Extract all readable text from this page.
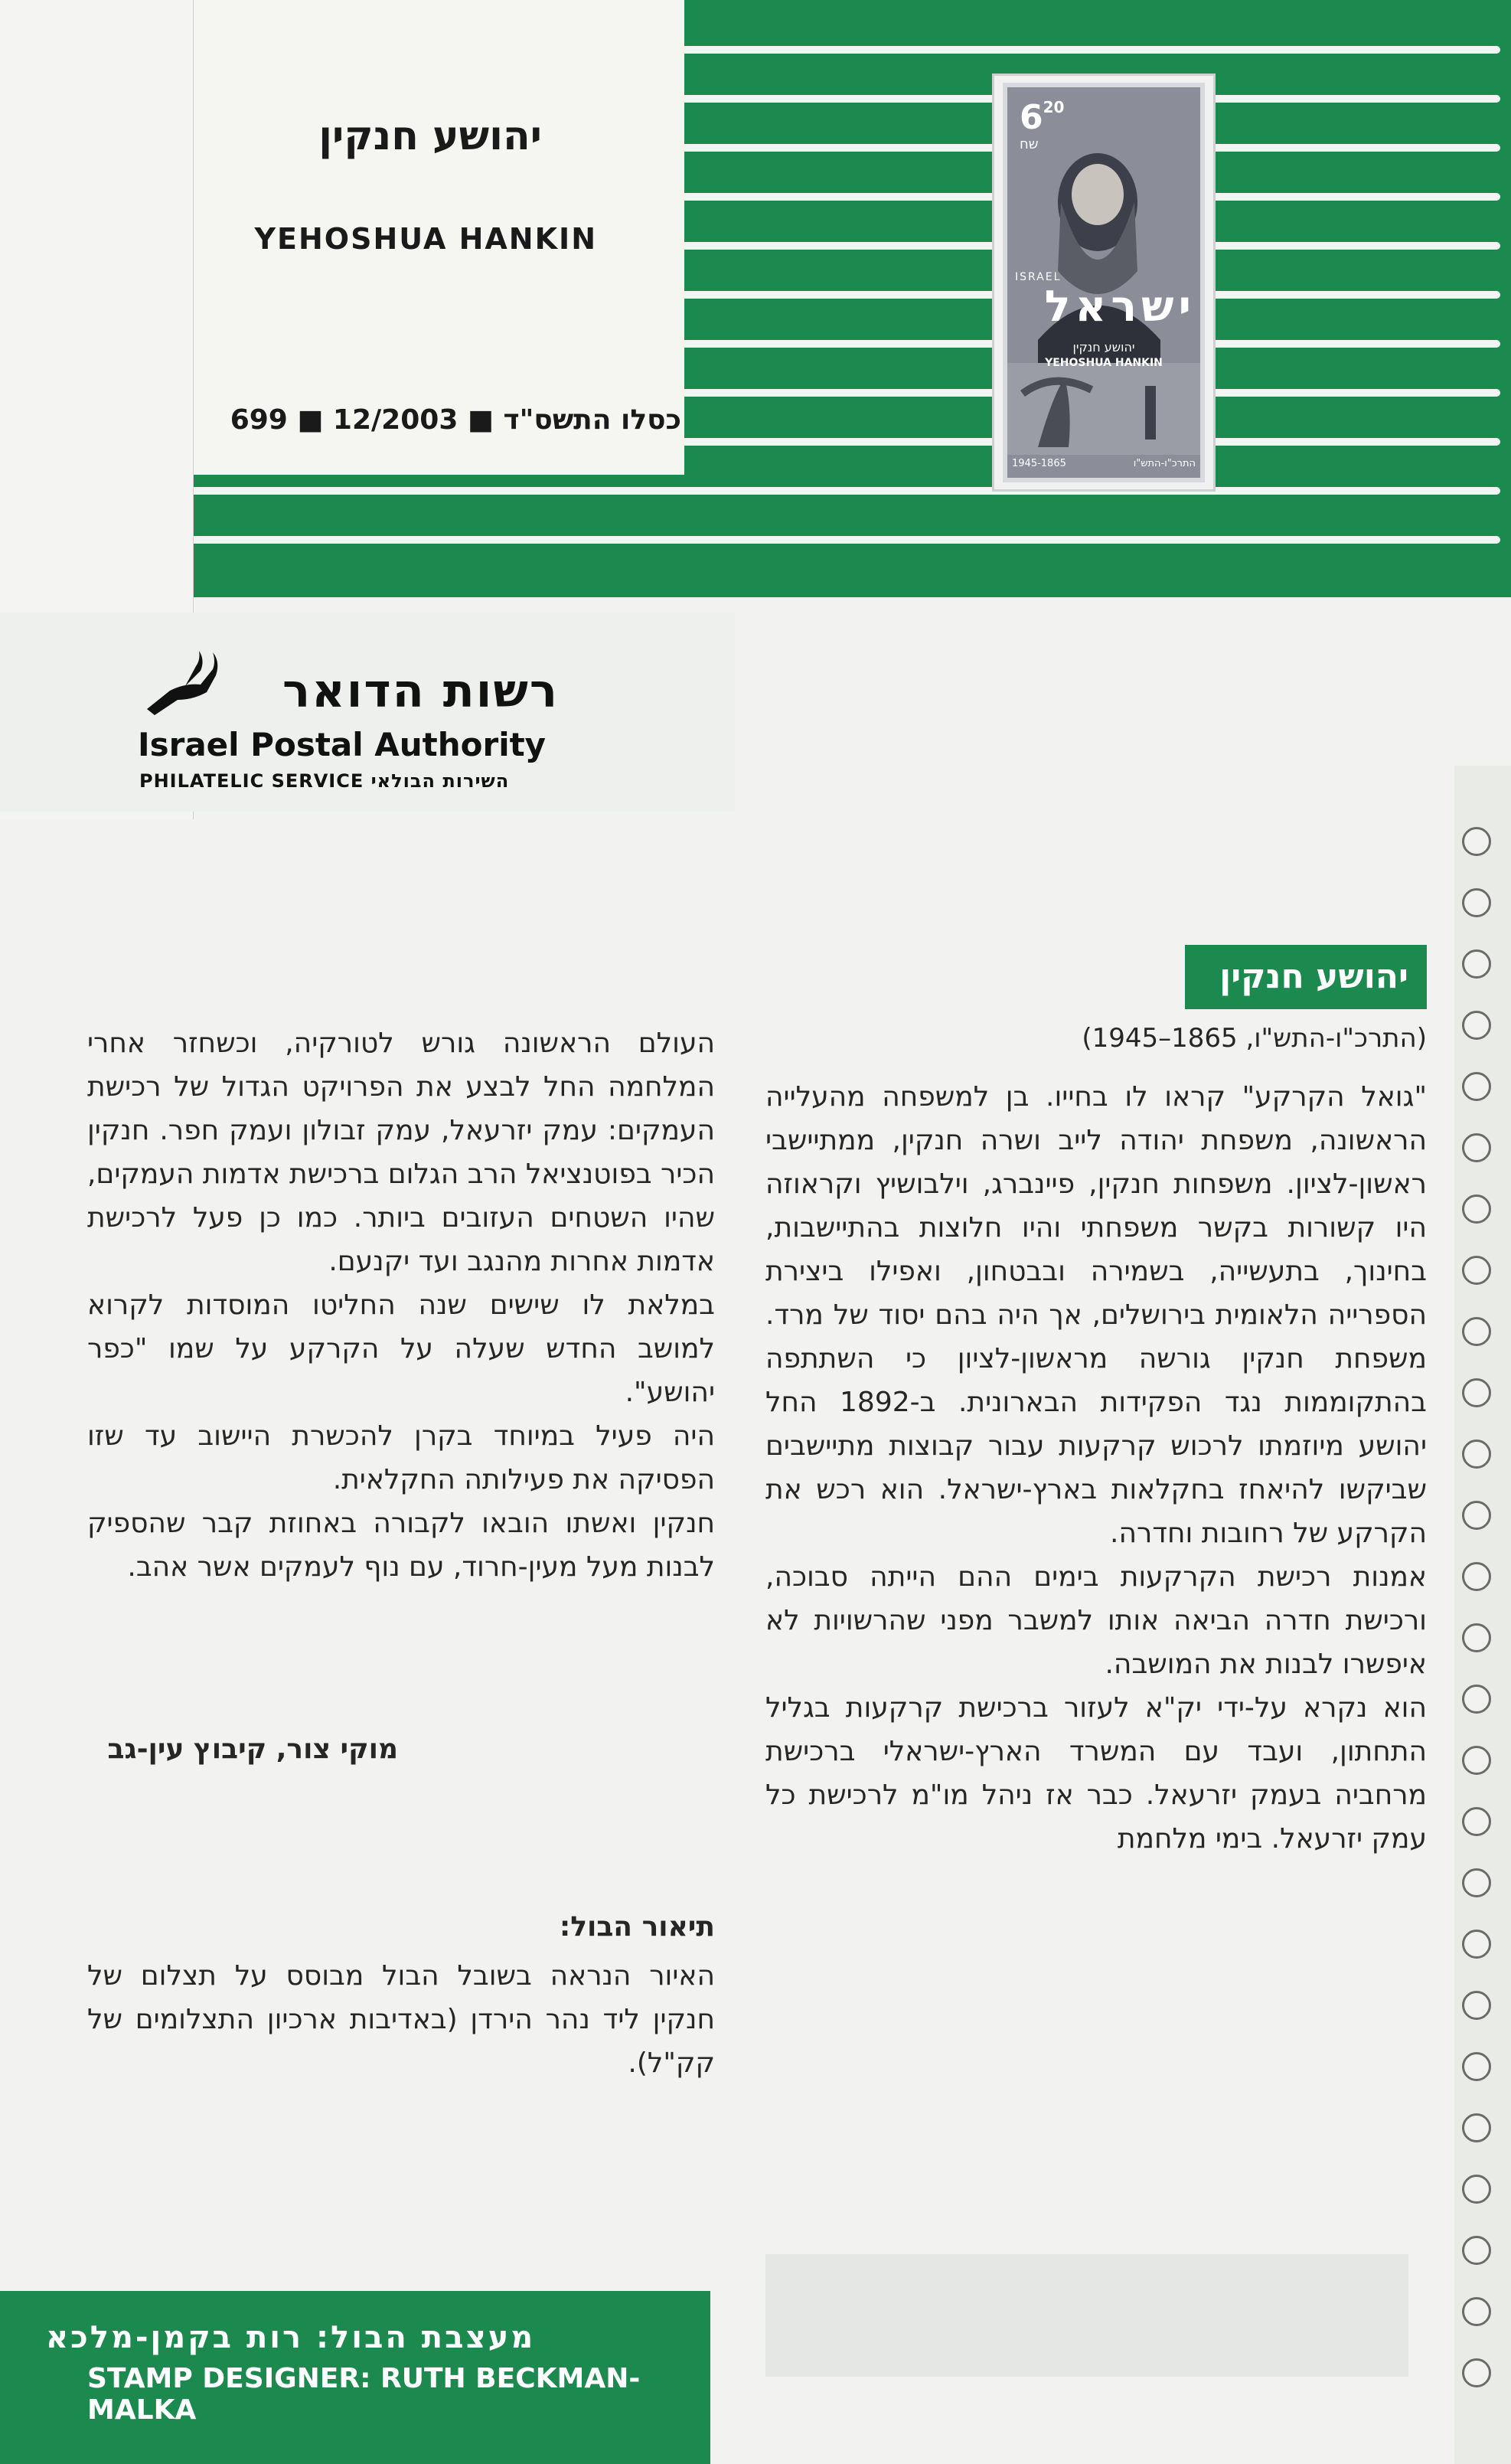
יהושע חנקין
YEHOSHUA HANKIN
699 ■ 12/2003 ■ כסלו התשס"ד
$6^{20}$
שח
ISRAEL
ישראל
יהושע חנקין
YEHOSHUA HANKIN
1945-1865	התרכ"ו-התש"ו
רשות הדואר
Israel Postal Authority
PHILATELIC SERVICE השירות הבולאי
יהושע חנקין
(התרכ"ו-התש"ו, 1865–1945)

"גואל הקרקע" קראו לו בחייו. בן למשפחה מהעלייה הראשונה, משפחת יהודה לייב ושרה חנקין, ממתיישבי ראשון-לציון. משפחות חנקין, פיינברג, וילבושיץ וקראוזה היו קשורות בקשר משפחתי והיו חלוצות בהתיישבות, בחינוך, בתעשייה, בשמירה ובבטחון, ואפילו ביצירת הספרייה הלאומית בירושלים, אך היה בהם יסוד של מרד. משפחת חנקין גורשה מראשון-לציון כי השתתפה בהתקוממות נגד הפקידות הבארונית. ב-1892 החל יהושע מיוזמתו לרכוש קרקעות עבור קבוצות מתיישבים שביקשו להיאחז בחקלאות בארץ-ישראל. הוא רכש את הקרקע של רחובות וחדרה.

אמנות רכישת הקרקעות בימים ההם הייתה סבוכה, ורכישת חדרה הביאה אותו למשבר מפני שהרשויות לא איפשרו לבנות את המושבה.

הוא נקרא על-ידי יק"א לעזור ברכישת קרקעות בגליל התחתון, ועבד עם המשרד הארץ-ישראלי ברכישת מרחביה בעמק יזרעאל. כבר אז ניהל מו"מ לרכישת כל עמק יזרעאל. בימי מלחמת

העולם הראשונה גורש לטורקיה, וכשחזר אחרי המלחמה החל לבצע את הפרויקט הגדול של רכישת העמקים: עמק יזרעאל, עמק זבולון ועמק חפר. חנקין הכיר בפוטנציאל הרב הגלום ברכישת אדמות העמקים, שהיו השטחים העזובים ביותר. כמו כן פעל לרכישת אדמות אחרות מהנגב ועד יקנעם.

במלאת לו שישים שנה החליטו המוסדות לקרוא למושב החדש שעלה על הקרקע על שמו "כפר יהושע".

היה פעיל במיוחד בקרן להכשרת היישוב עד שזו הפסיקה את פעילותה החקלאית.

חנקין ואשתו הובאו לקבורה באחוזת קבר שהספיק לבנות מעל מעין-חרוד, עם נוף לעמקים אשר אהב.

מוקי צור, קיבוץ עין-גב
תיאור הבול:
האיור הנראה בשובל הבול מבוסס על תצלום של חנקין ליד נהר הירדן (באדיבות ארכיון התצלומים של קק"ל).
מעצבת הבול: רות בקמן-מלכא
STAMP DESIGNER: RUTH BECKMAN-MALKA
